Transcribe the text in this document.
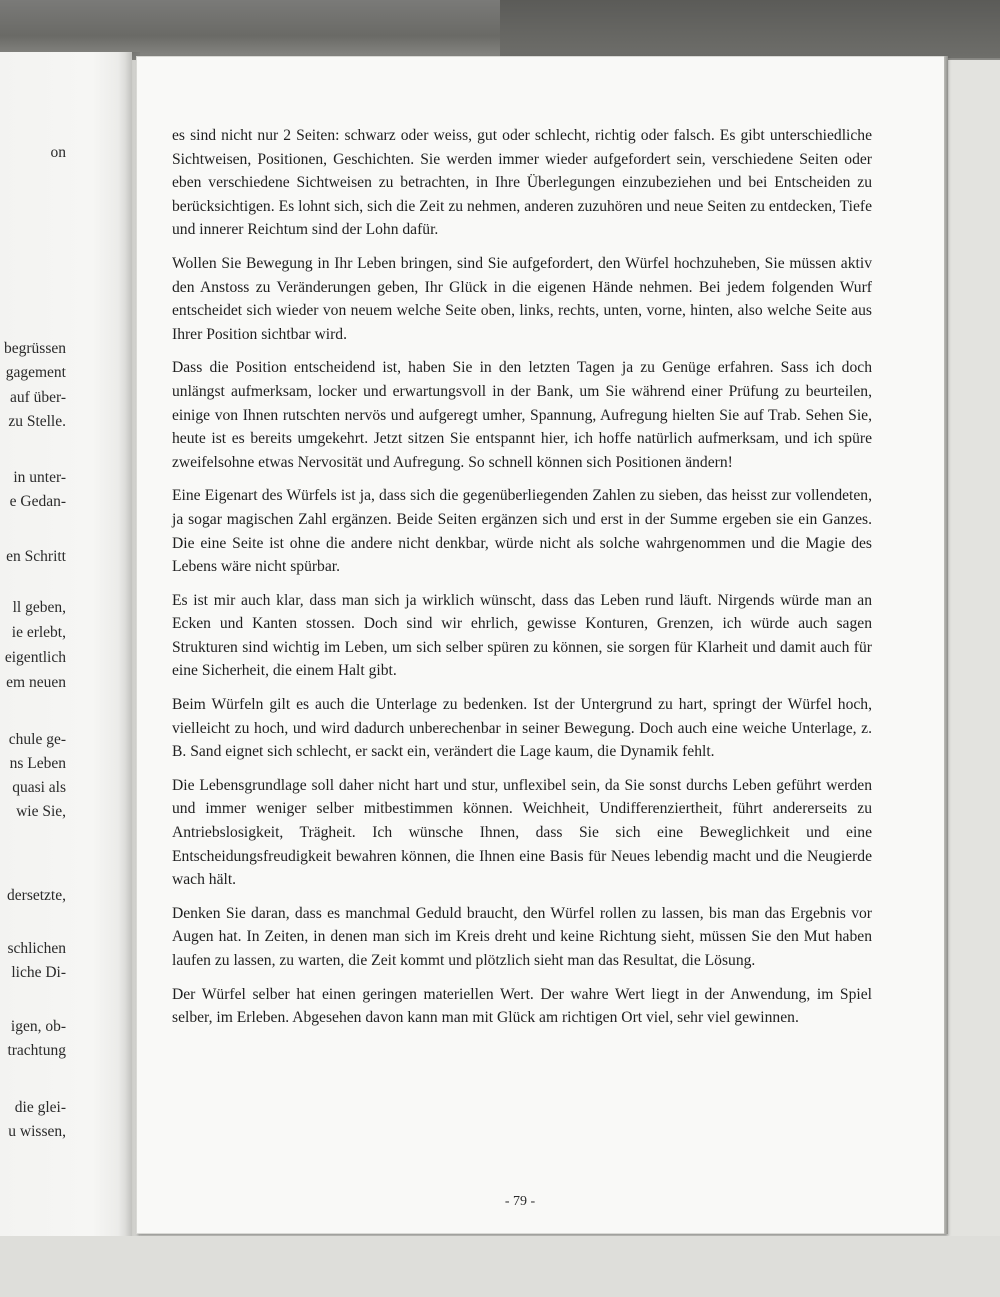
on
begrüssen
gagement
auf über-
zu Stelle.
in unter-
e Gedan-
en Schritt
ll geben,
ie erlebt,
eigentlich
em neuen
chule ge-
ns Leben
quasi als
wie Sie,
dersetzte,
schlichen
liche Di-
igen, ob-
trachtung
die glei-
u wissen,

es sind nicht nur 2 Seiten: schwarz oder weiss, gut oder schlecht, richtig oder falsch. Es gibt unterschiedliche Sichtweisen, Positionen, Geschichten. Sie werden immer wieder aufgefordert sein, verschiedene Seiten oder eben verschiedene Sichtweisen zu betrachten, in Ihre Überlegungen einzubeziehen und bei Entscheiden zu berücksichtigen. Es lohnt sich, sich die Zeit zu nehmen, anderen zuzuhören und neue Seiten zu entdecken, Tiefe und innerer Reichtum sind der Lohn dafür.

Wollen Sie Bewegung in Ihr Leben bringen, sind Sie aufgefordert, den Würfel hochzuheben, Sie müssen aktiv den Anstoss zu Veränderungen geben, Ihr Glück in die eigenen Hände nehmen. Bei jedem folgenden Wurf entscheidet sich wieder von neuem welche Seite oben, links, rechts, unten, vorne, hinten, also welche Seite aus Ihrer Position sichtbar wird.

Dass die Position entscheidend ist, haben Sie in den letzten Tagen ja zu Genüge erfahren. Sass ich doch unlängst aufmerksam, locker und erwartungsvoll in der Bank, um Sie während einer Prüfung zu beurteilen, einige von Ihnen rutschten nervös und aufgeregt umher, Spannung, Aufregung hielten Sie auf Trab. Sehen Sie, heute ist es bereits umgekehrt. Jetzt sitzen Sie entspannt hier, ich hoffe natürlich aufmerksam, und ich spüre zweifelsohne etwas Nervosität und Aufregung. So schnell können sich Positionen ändern!

Eine Eigenart des Würfels ist ja, dass sich die gegenüberliegenden Zahlen zu sieben, das heisst zur vollendeten, ja sogar magischen Zahl ergänzen. Beide Seiten ergänzen sich und erst in der Summe ergeben sie ein Ganzes. Die eine Seite ist ohne die andere nicht denkbar, würde nicht als solche wahrgenommen und die Magie des Lebens wäre nicht spürbar.

Es ist mir auch klar, dass man sich ja wirklich wünscht, dass das Leben rund läuft. Nirgends würde man an Ecken und Kanten stossen. Doch sind wir ehrlich, gewisse Konturen, Grenzen, ich würde auch sagen Strukturen sind wichtig im Leben, um sich selber spüren zu können, sie sorgen für Klarheit und damit auch für eine Sicherheit, die einem Halt gibt.

Beim Würfeln gilt es auch die Unterlage zu bedenken. Ist der Untergrund zu hart, springt der Würfel hoch, vielleicht zu hoch, und wird dadurch unberechenbar in seiner Bewegung. Doch auch eine weiche Unterlage, z. B. Sand eignet sich schlecht, er sackt ein, verändert die Lage kaum, die Dynamik fehlt.

Die Lebensgrundlage soll daher nicht hart und stur, unflexibel sein, da Sie sonst durchs Leben geführt werden und immer weniger selber mitbestimmen können. Weichheit, Undifferenziertheit, führt andererseits zu Antriebslosigkeit, Trägheit. Ich wünsche Ihnen, dass Sie sich eine Beweglichkeit und eine Entscheidungsfreudigkeit bewahren können, die Ihnen eine Basis für Neues lebendig macht und die Neugierde wach hält.

Denken Sie daran, dass es manchmal Geduld braucht, den Würfel rollen zu lassen, bis man das Ergebnis vor Augen hat. In Zeiten, in denen man sich im Kreis dreht und keine Richtung sieht, müssen Sie den Mut haben laufen zu lassen, zu warten, die Zeit kommt und plötzlich sieht man das Resultat, die Lösung.

Der Würfel selber hat einen geringen materiellen Wert. Der wahre Wert liegt in der Anwendung, im Spiel selber, im Erleben. Abgesehen davon kann man mit Glück am richtigen Ort viel, sehr viel gewinnen.

- 79 -
